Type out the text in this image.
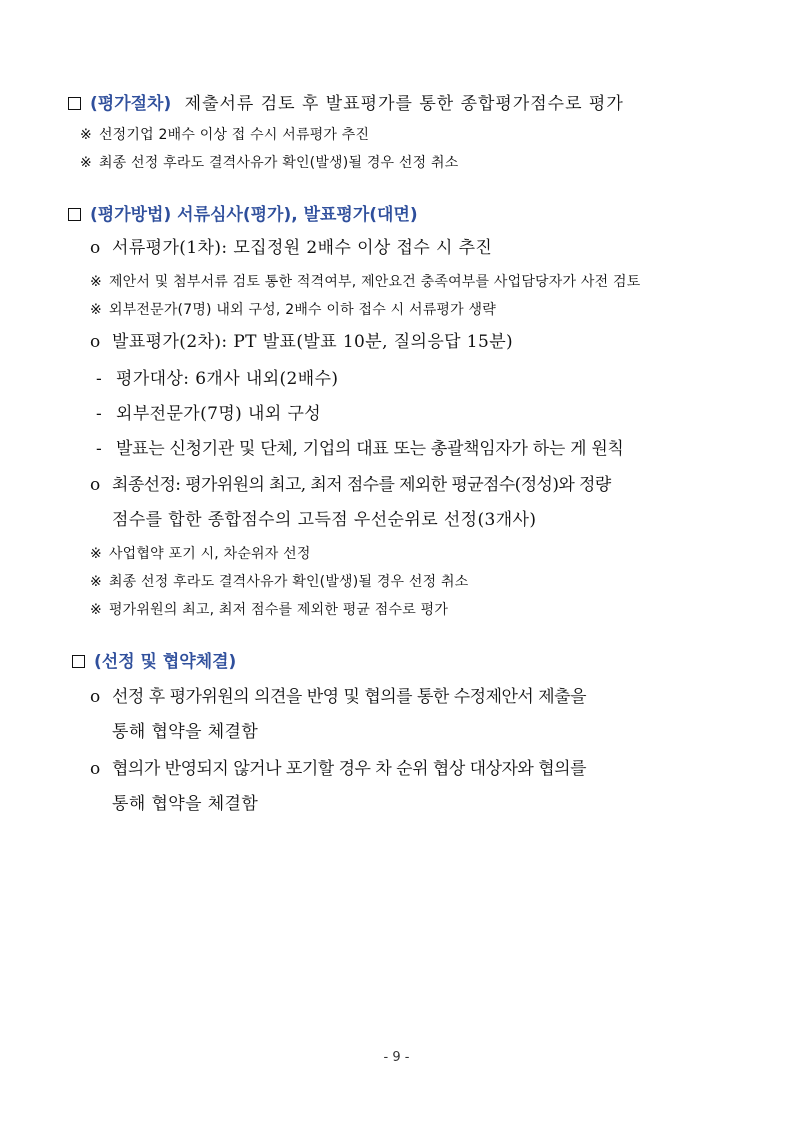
(평가절차) 제출서류 검토 후 발표평가를 통한 종합평가점수로 평가
※ 선정기업 2배수 이상 접 수시 서류평가 추진
※ 최종 선정 후라도 결격사유가 확인(발생)될 경우 선정 취소
(평가방법) 서류심사(평가), 발표평가(대면)
o 서류평가(1차): 모집정원 2배수 이상 접수 시 추진
※ 제안서 및 첨부서류 검토 통한 적격여부, 제안요건 충족여부를 사업담당자가 사전 검토
※ 외부전문가(7명) 내외 구성, 2배수 이하 접수 시 서류평가 생략
o 발표평가(2차): PT 발표(발표 10분, 질의응답 15분)
- 평가대상: 6개사 내외(2배수)
- 외부전문가(7명) 내외 구성
- 발표는 신청기관 및 단체, 기업의 대표 또는 총괄책임자가 하는 게 원칙
o 최종선정: 평가위원의 최고, 최저 점수를 제외한 평균점수(정성)와 정량
점수를 합한 종합점수의 고득점 우선순위로 선정(3개사)
※ 사업협약 포기 시, 차순위자 선정
※ 최종 선정 후라도 결격사유가 확인(발생)될 경우 선정 취소
※ 평가위원의 최고, 최저 점수를 제외한 평균 점수로 평가
(선정 및 협약체결)
o 선정 후 평가위원의 의견을 반영 및 협의를 통한 수정제안서 제출을
통해 협약을 체결함
o 협의가 반영되지 않거나 포기할 경우 차 순위 협상 대상자와 협의를
통해 협약을 체결함
- 9 -
